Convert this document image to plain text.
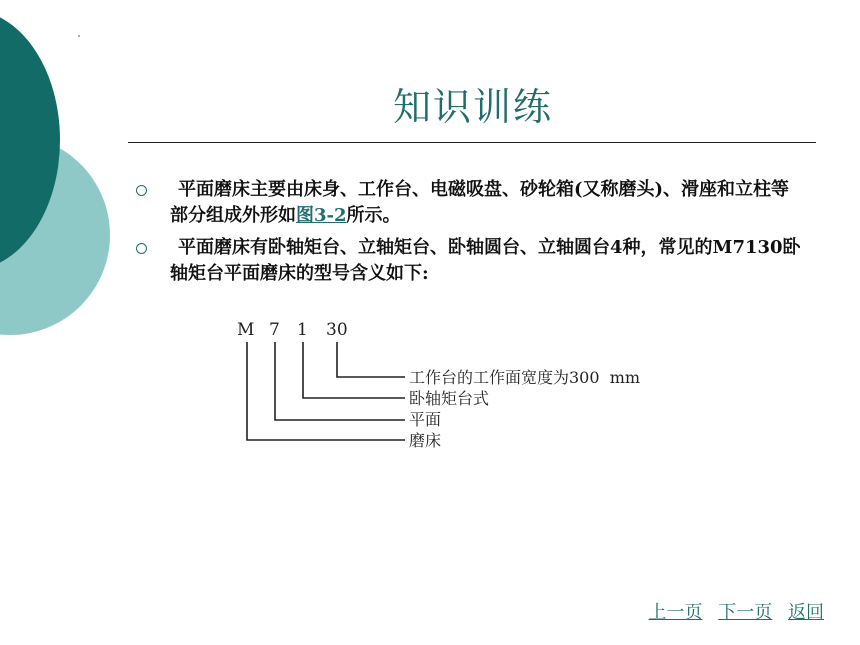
知识训练
平面磨床主要由床身、工作台、电磁吸盘、砂轮箱(又称磨头)、滑座和立柱等部分组成外形如图3-2所示。
平面磨床有卧轴矩台、立轴矩台、卧轴圆台、立轴圆台4种，常见的M7130卧轴矩台平面磨床的型号含义如下:
M 7 1 30
工作台的工作面宽度为300  mm
卧轴矩台式
平面
磨床
上一页 下一页 返回
